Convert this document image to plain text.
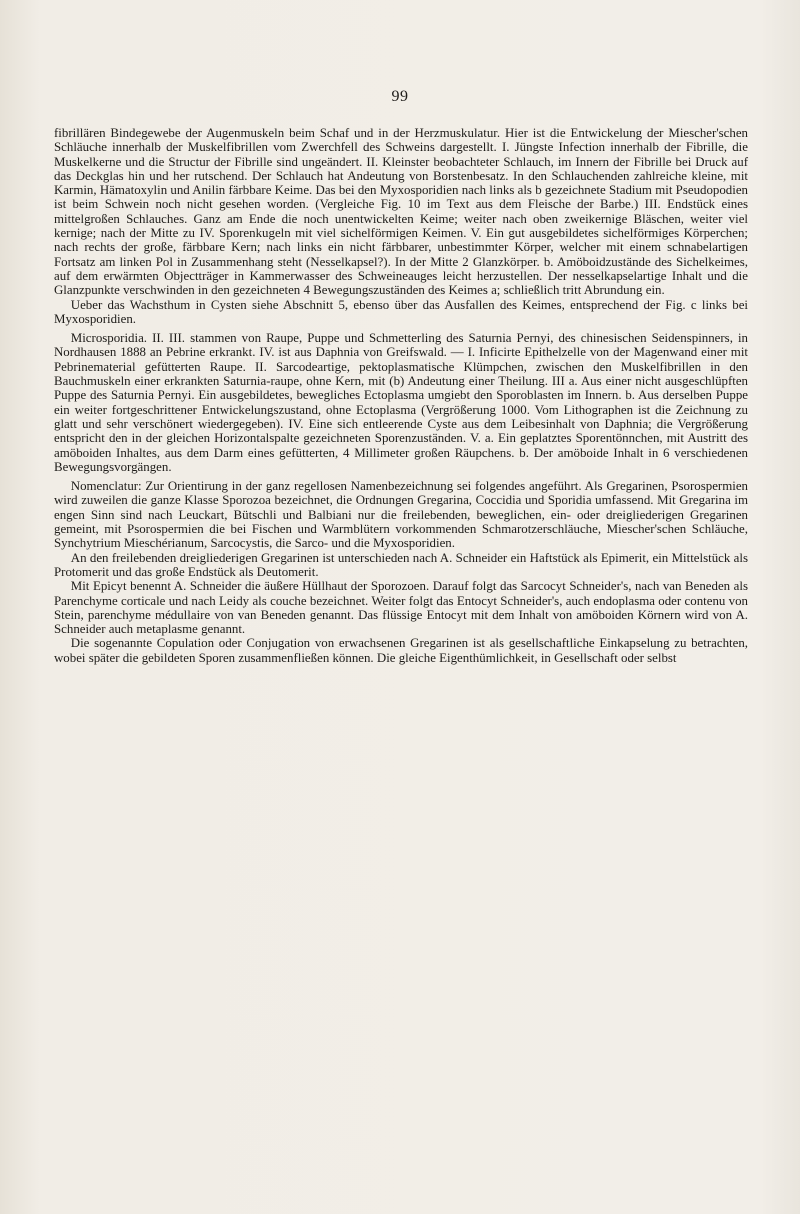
99

fibrillären Bindegewebe der Augenmuskeln beim Schaf und in der Herzmuskulatur. Hier ist die Entwickelung der Miescher'schen Schläuche innerhalb der Muskelfibrillen vom Zwerchfell des Schweins dargestellt. I. Jüngste Infection innerhalb der Fibrille, die Muskelkerne und die Structur der Fibrille sind ungeändert. II. Kleinster beobachteter Schlauch, im Innern der Fibrille bei Druck auf das Deckglas hin und her rutschend. Der Schlauch hat Andeutung von Borstenbesatz. In den Schlauchenden zahlreiche kleine, mit Karmin, Hämatoxylin und Anilin färbbare Keime. Das bei den Myxosporidien nach links als b gezeichnete Stadium mit Pseudopodien ist beim Schwein noch nicht gesehen worden. (Vergleiche Fig. 10 im Text aus dem Fleische der Barbe.) III. Endstück eines mittelgroßen Schlauches. Ganz am Ende die noch unentwickelten Keime; weiter nach oben zweikernige Bläschen, weiter viel kernige; nach der Mitte zu IV. Sporenkugeln mit viel sichelförmigen Keimen. V. Ein gut ausgebildetes sichelförmiges Körperchen; nach rechts der große, färbbare Kern; nach links ein nicht färbbarer, unbestimmter Körper, welcher mit einem schnabelartigen Fortsatz am linken Pol in Zusammenhang steht (Nesselkapsel?). In der Mitte 2 Glanzkörper. b. Amöboidzustände des Sichelkeimes, auf dem erwärmten Objectträger in Kammerwasser des Schweineauges leicht herzustellen. Der nesselkapselartige Inhalt und die Glanzpunkte verschwinden in den gezeichneten 4 Bewegungszuständen des Keimes a; schließlich tritt Abrundung ein.

Ueber das Wachsthum in Cysten siehe Abschnitt 5, ebenso über das Ausfallen des Keimes, entsprechend der Fig. c links bei Myxosporidien.

Microsporidia. II. III. stammen von Raupe, Puppe und Schmetterling des Saturnia Pernyi, des chinesischen Seidenspinners, in Nordhausen 1888 an Pebrine erkrankt. IV. ist aus Daphnia von Greifswald. — I. Inficirte Epithelzelle von der Magenwand einer mit Pebrinematerial gefütterten Raupe. II. Sarcodeartige, pektoplasmatische Klümpchen, zwischen den Muskelfibrillen in den Bauchmuskeln einer erkrankten Saturnia-raupe, ohne Kern, mit (b) Andeutung einer Theilung. III a. Aus einer nicht ausgeschlüpften Puppe des Saturnia Pernyi. Ein ausgebildetes, bewegliches Ectoplasma umgiebt den Sporoblasten im Innern. b. Aus derselben Puppe ein weiter fortgeschrittener Entwickelungszustand, ohne Ectoplasma (Vergrößerung 1000. Vom Lithographen ist die Zeichnung zu glatt und sehr verschönert wiedergegeben). IV. Eine sich entleerende Cyste aus dem Leibesinhalt von Daphnia; die Vergrößerung entspricht den in der gleichen Horizontalspalte gezeichneten Sporenzuständen. V. a. Ein geplatztes Sporentönnchen, mit Austritt des amöboiden Inhaltes, aus dem Darm eines gefütterten, 4 Millimeter großen Räupchens. b. Der amöboide Inhalt in 6 verschiedenen Bewegungsvorgängen.

Nomenclatur: Zur Orientirung in der ganz regellosen Namenbezeichnung sei folgendes angeführt. Als Gregarinen, Psorospermien wird zuweilen die ganze Klasse Sporozoa bezeichnet, die Ordnungen Gregarina, Coccidia und Sporidia umfassend. Mit Gregarina im engen Sinn sind nach Leuckart, Bütschli und Balbiani nur die freilebenden, beweglichen, ein- oder dreigliederigen Gregarinen gemeint, mit Psorospermien die bei Fischen und Warmblütern vorkommenden Schmarotzerschläuche, Miescher'schen Schläuche, Synchytrium Mieschérianum, Sarcocystis, die Sarco- und die Myxosporidien.

An den freilebenden dreigliederigen Gregarinen ist unterschieden nach A. Schneider ein Haftstück als Epimerit, ein Mittelstück als Protomerit und das große Endstück als Deutomerit.

Mit Epicyt benennt A. Schneider die äußere Hüllhaut der Sporozoen. Darauf folgt das Sarcocyt Schneider's, nach van Beneden als Parenchyme corticale und nach Leidy als couche bezeichnet. Weiter folgt das Entocyt Schneider's, auch endoplasma oder contenu von Stein, parenchyme médullaire von van Beneden genannt. Das flüssige Entocyt mit dem Inhalt von amöboiden Körnern wird von A. Schneider auch metaplasme genannt.

Die sogenannte Copulation oder Conjugation von erwachsenen Gregarinen ist als gesellschaftliche Einkapselung zu betrachten, wobei später die gebildeten Sporen zusammenfließen können. Die gleiche Eigenthümlichkeit, in Gesellschaft oder selbst
